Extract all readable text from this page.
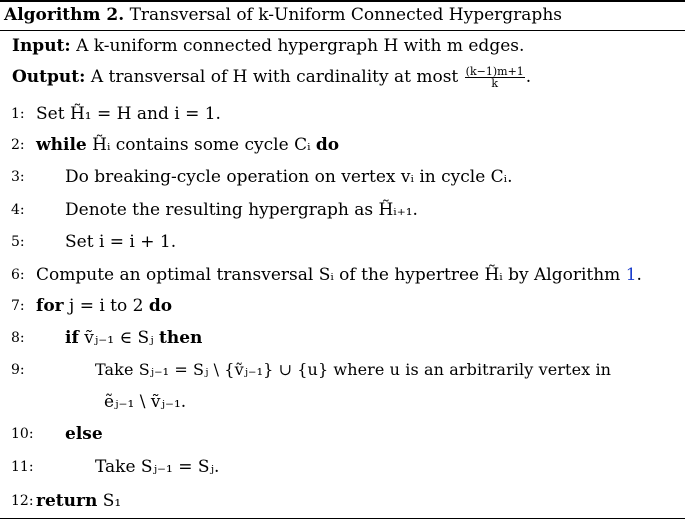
Algorithm 2. Transversal of k-Uniform Connected Hypergraphs
Input: A k-uniform connected hypergraph H with m edges.
Output: A transversal of H with cardinality at most $\frac{(k-1)m+1}{k}$ .
1: Set H̃₁ = H and i = 1.
2: while H̃ᵢ contains some cycle Cᵢ do
3:	Do breaking-cycle operation on vertex vᵢ in cycle Cᵢ.
4:	Denote the resulting hypergraph as H̃ᵢ₊₁.
5:	Set i = i + 1.
6: Compute an optimal transversal Sᵢ of the hypertree H̃ᵢ by Algorithm 1.
7: for j = i to 2 do
8:	if ṽⱼ₋₁ ∈ Sⱼ then
9:	Take Sⱼ₋₁ = Sⱼ \ {ṽⱼ₋₁} ∪ {u} where u is an arbitrarily vertex in
ẽⱼ₋₁ \ ṽⱼ₋₁.
10: else
11:	Take Sⱼ₋₁ = Sⱼ.
12: return S₁
